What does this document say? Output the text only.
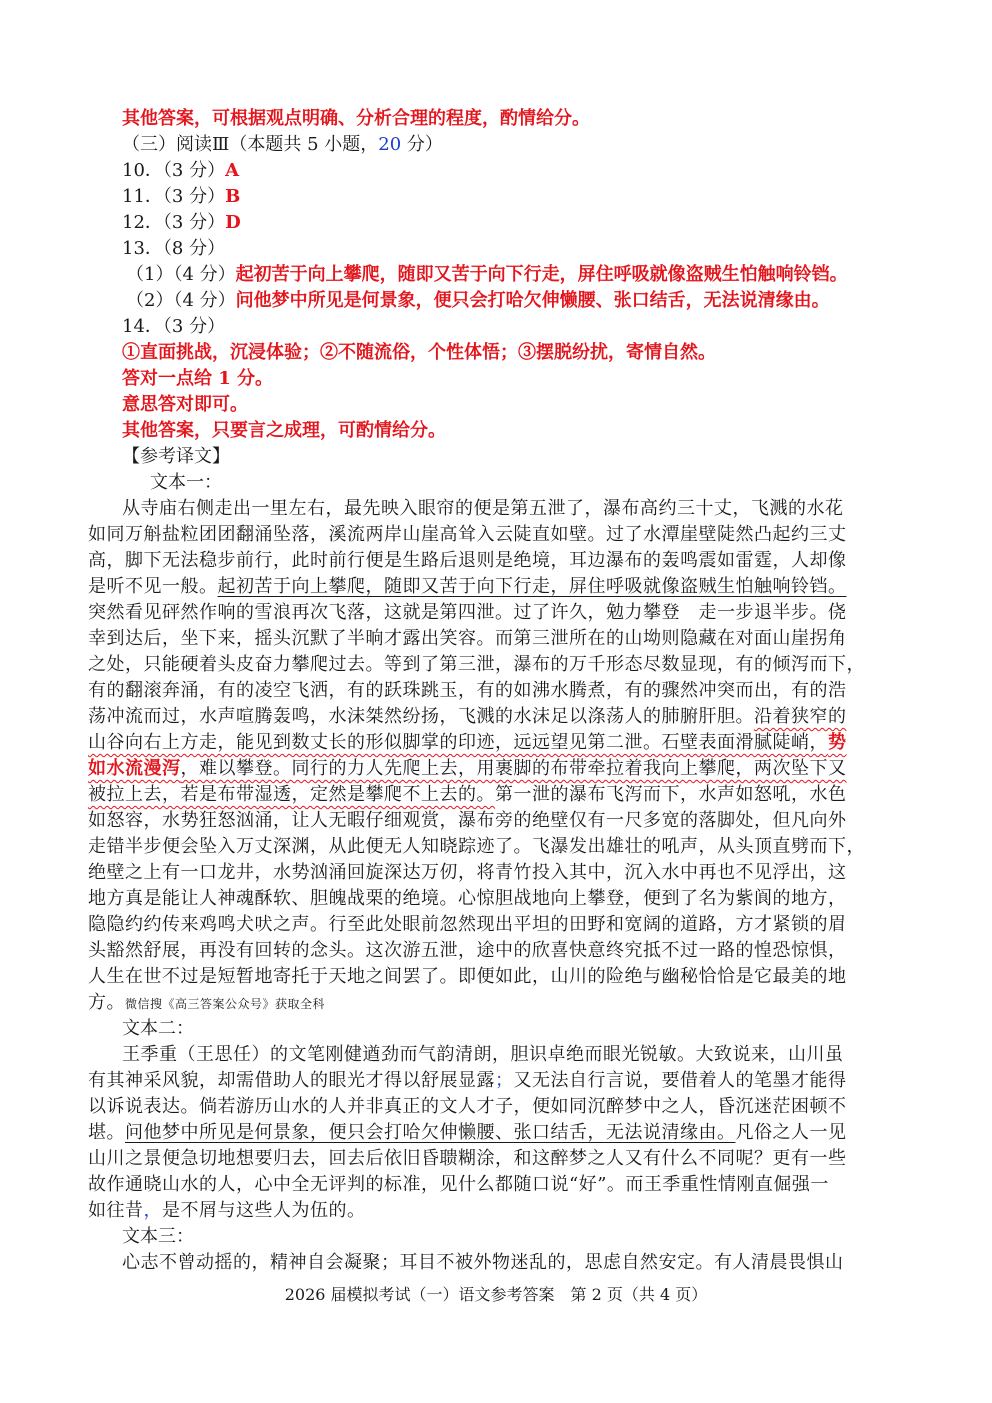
其他答案，可根据观点明确、分析合理的程度，酌情给分。
（三）阅读Ⅲ（本题共 5 小题，20 分）
10．（3 分）A
11．（3 分）B
12．（3 分）D
13．（8 分）
（1）（4 分）起初苦于向上攀爬，随即又苦于向下行走，屏住呼吸就像盗贼生怕触响铃铛。
（2）（4 分）问他梦中所见是何景象，便只会打哈欠伸懒腰、张口结舌，无法说清缘由。
14．（3 分）
①直面挑战，沉浸体验；②不随流俗，个性体悟；③摆脱纷扰，寄情自然。
答对一点给 1 分。
意思答对即可。
其他答案，只要言之成理，可酌情给分。
【参考译文】
文本一：
从寺庙右侧走出一里左右，最先映入眼帘的便是第五泄了，瀑布高约三十丈，飞溅的水花
如同万斛盐粒团团翻涌坠落，溪流两岸山崖高耸入云陡直如壁。过了水潭崖壁陡然凸起约三丈
高，脚下无法稳步前行，此时前行便是生路后退则是绝境，耳边瀑布的轰鸣震如雷霆，人却像
是听不见一般。起初苦于向上攀爬，随即又苦于向下行走，屏住呼吸就像盗贼生怕触响铃铛。
突然看见砰然作响的雪浪再次飞落，这就是第四泄。过了许久，勉力攀登　走一步退半步。侥
幸到达后，坐下来，摇头沉默了半晌才露出笑容。而第三泄所在的山坳则隐藏在对面山崖拐角
之处，只能硬着头皮奋力攀爬过去。等到了第三泄，瀑布的万千形态尽数显现，有的倾泻而下，
有的翻滚奔涌，有的凌空飞洒，有的跃珠跳玉，有的如沸水腾煮，有的骤然冲突而出，有的浩
荡冲流而过，水声喧腾轰鸣，水沫桀然纷扬，飞溅的水沫足以涤荡人的肺腑肝胆。沿着狭窄的
山谷向右上方走，能见到数丈长的形似脚掌的印迹，远远望见第二泄。石壁表面滑腻陡峭，势
如水流漫泻，难以攀登。同行的力人先爬上去，用裹脚的布带牵拉着我向上攀爬，两次坠下又
被拉上去，若是布带湿透，定然是攀爬不上去的。第一泄的瀑布飞泻而下，水声如怒吼，水色
如怒容，水势狂怒汹涌，让人无暇仔细观赏，瀑布旁的绝壁仅有一尺多宽的落脚处，但凡向外
走错半步便会坠入万丈深渊，从此便无人知晓踪迹了。飞瀑发出雄壮的吼声，从头顶直劈而下，
绝壁之上有一口龙井，水势汹涌回旋深达万仞，将青竹投入其中，沉入水中再也不见浮出，这
地方真是能让人神魂酥软、胆魄战栗的绝境。心惊胆战地向上攀登，便到了名为紫阆的地方，
隐隐约约传来鸡鸣犬吠之声。行至此处眼前忽然现出平坦的田野和宽阔的道路，方才紧锁的眉
头豁然舒展，再没有回转的念头。这次游五泄，途中的欣喜快意终究抵不过一路的惶恐惊惧，
人生在世不过是短暂地寄托于天地之间罢了。即便如此，山川的险绝与幽秘恰恰是它最美的地
方。微信搜《高三答案公众号》获取全科
文本二：
王季重（王思任）的文笔刚健遒劲而气韵清朗，胆识卓绝而眼光锐敏。大致说来，山川虽
有其神采风貌，却需借助人的眼光才得以舒展显露；又无法自行言说，要借着人的笔墨才能得
以诉说表达。倘若游历山水的人并非真正的文人才子，便如同沉醉梦中之人，昏沉迷茫困顿不
堪。问他梦中所见是何景象，便只会打哈欠伸懒腰、张口结舌，无法说清缘由。凡俗之人一见
山川之景便急切地想要归去，回去后依旧昏聩糊涂，和这醉梦之人又有什么不同呢？更有一些
故作通晓山水的人，心中全无评判的标准，见什么都随口说“好”。而王季重性情刚直倔强一
如往昔，是不屑与这些人为伍的。
文本三：
心志不曾动摇的，精神自会凝聚；耳目不被外物迷乱的，思虑自然安定。有人清晨畏惧山
2026 届模拟考试（一）语文参考答案　第 2 页（共 4 页）
